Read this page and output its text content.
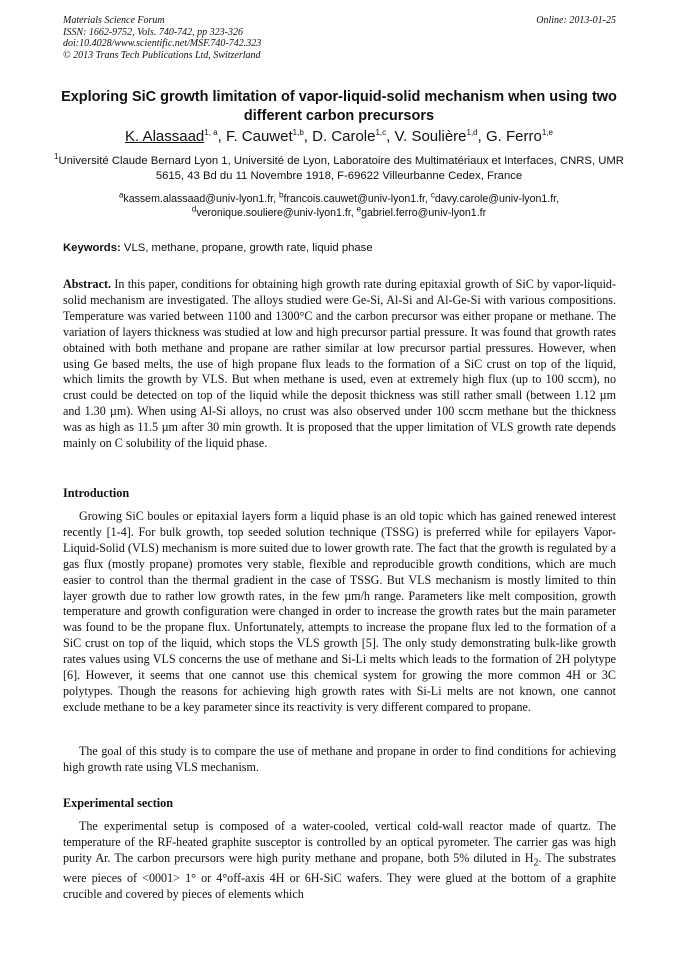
Materials Science Forum
ISSN: 1662-9752, Vols. 740-742, pp 323-326
doi:10.4028/www.scientific.net/MSF.740-742.323
© 2013 Trans Tech Publications Ltd, Switzerland
Online: 2013-01-25
Exploring SiC growth limitation of vapor-liquid-solid mechanism when using two different carbon precursors
K. Alassaad$^{1, a}$, F. Cauwet$^{1,b}$, D. Carole$^{1,c}$, V. Soulière$^{1,d}$, G. Ferro$^{1,e}$
$^1$Université Claude Bernard Lyon 1, Université de Lyon, Laboratoire des Multimatériaux et Interfaces, CNRS, UMR 5615, 43 Bd du 11 Novembre 1918, F-69622 Villeurbanne Cedex, France
$^a$kassem.alassaad@univ-lyon1.fr, $^b$francois.cauwet@univ-lyon1.fr, $^c$davy.carole@univ-lyon1.fr,
$^d$veronique.souliere@univ-lyon1.fr, $^e$gabriel.ferro@univ-lyon1.fr
Keywords: VLS, methane, propane, growth rate, liquid phase

Abstract. In this paper, conditions for obtaining high growth rate during epitaxial growth of SiC by vapor-liquid-solid mechanism are investigated. The alloys studied were Ge-Si, Al-Si and Al-Ge-Si with various compositions. Temperature was varied between 1100 and 1300°C and the carbon precursor was either propane or methane. The variation of layers thickness was studied at low and high precursor partial pressure. It was found that growth rates obtained with both methane and propane are rather similar at low precursor partial pressures. However, when using Ge based melts, the use of high propane flux leads to the formation of a SiC crust on top of the liquid, which limits the growth by VLS. But when methane is used, even at extremely high flux (up to 100 sccm), no crust could be detected on top of the liquid while the deposit thickness was still rather small (between 1.12 µm and 1.30 µm). When using Al-Si alloys, no crust was also observed under 100 sccm methane but the thickness was as high as 11.5 µm after 30 min growth. It is proposed that the upper limitation of VLS growth rate depends mainly on C solubility of the liquid phase.

Introduction

Growing SiC boules or epitaxial layers form a liquid phase is an old topic which has gained renewed interest recently [1-4]. For bulk growth, top seeded solution technique (TSSG) is preferred while for epilayers Vapor-Liquid-Solid (VLS) mechanism is more suited due to lower growth rate. The fact that the growth is regulated by a gas flux (mostly propane) promotes very stable, flexible and reproducible growth conditions, which are much easier to control than the thermal gradient in the case of TSSG. But VLS mechanism is mostly limited to thin layer growth due to rather low growth rates, in the few µm/h range. Parameters like melt composition, growth temperature and growth configuration were changed in order to increase the growth rates but the main parameter was found to be the propane flux. Unfortunately, attempts to increase the propane flux led to the formation of a SiC crust on top of the liquid, which stops the VLS growth [5]. The only study demonstrating bulk-like growth rates values using VLS concerns the use of methane and Si-Li melts which leads to the formation of 2H polytype [6]. However, it seems that one cannot use this chemical system for growing the more common 4H or 3C polytypes. Though the reasons for achieving high growth rates with Si-Li melts are not known, one cannot exclude methane to be a key parameter since its reactivity is very different compared to propane.

The goal of this study is to compare the use of methane and propane in order to find conditions for achieving high growth rate using VLS mechanism.

Experimental section

The experimental setup is composed of a water-cooled, vertical cold-wall reactor made of quartz. The temperature of the RF-heated graphite susceptor is controlled by an optical pyrometer. The carrier gas was high purity Ar. The carbon precursors were high purity methane and propane, both 5% diluted in $H_2$. The substrates were pieces of <0001> 1° or 4°off-axis 4H or 6H-SiC wafers. They were glued at the bottom of a graphite crucible and covered by pieces of elements which
